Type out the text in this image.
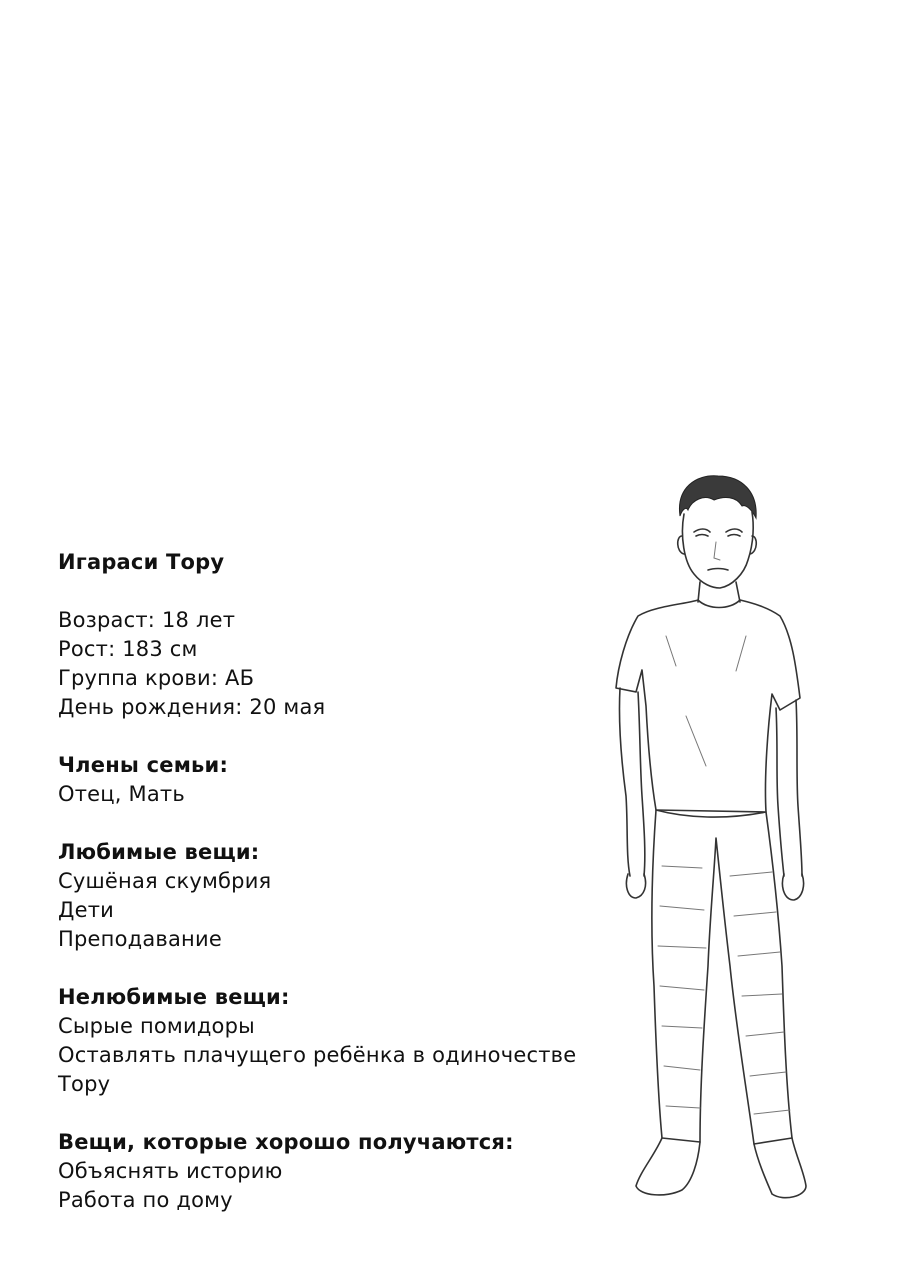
Игараси Тору
Возраст: 18 лет
Рост: 183 см
Группа крови: АБ
День рождения: 20 мая
Члены семьи:
Отец, Мать
Любимые вещи:
Сушёная скумбрия
Дети
Преподавание
Нелюбимые вещи:
Сырые помидоры
Оставлять плачущего ребёнка в одиночестве
Тору
Вещи, которые хорошо получаются:
Объяснять историю
Работа по дому
